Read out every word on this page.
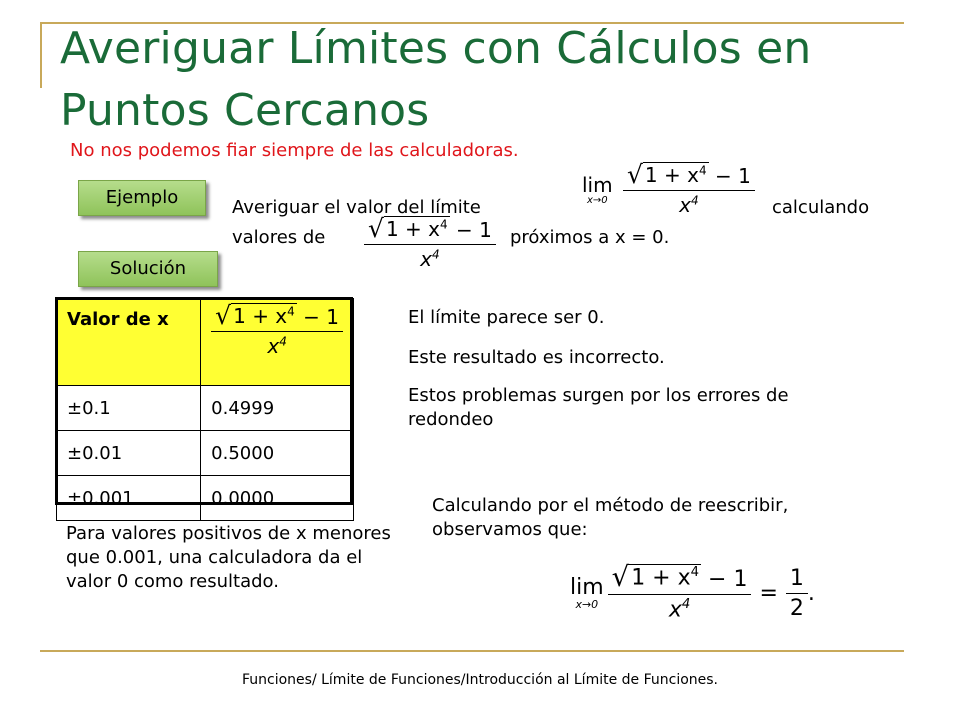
Averiguar Límites con Cálculos en Puntos Cercanos
No nos podemos fiar siempre de las calculadoras.
Ejemplo
Solución
Averiguar el valor del límite
lim
x→0
$\frac{√ 1 + x^4 - 1}{x^4}$ calculando
valores de $\frac{√ 1 + x^4 - 1}{x^4}$ próximos a x = 0.
Valor de x	$\frac{√ 1 + x^4 - 1}{x^4}$

±0.1	0.4999
±0.01	0.5000
±0.001	0.0000
El límite parece ser 0.
Este resultado es incorrecto.
Estos problemas surgen por los errores de redondeo
Calculando por el método de reescribir, observamos que:
Para valores positivos de x menores que 0.001, una calculadora da el valor 0 como resultado.	lim
$x\to 0 \frac{√ 1 + x^4 - 1}{x^4} = \frac{1}{2}$ .
Funciones/ Límite de Funciones/Introducción al Límite de Funciones.
